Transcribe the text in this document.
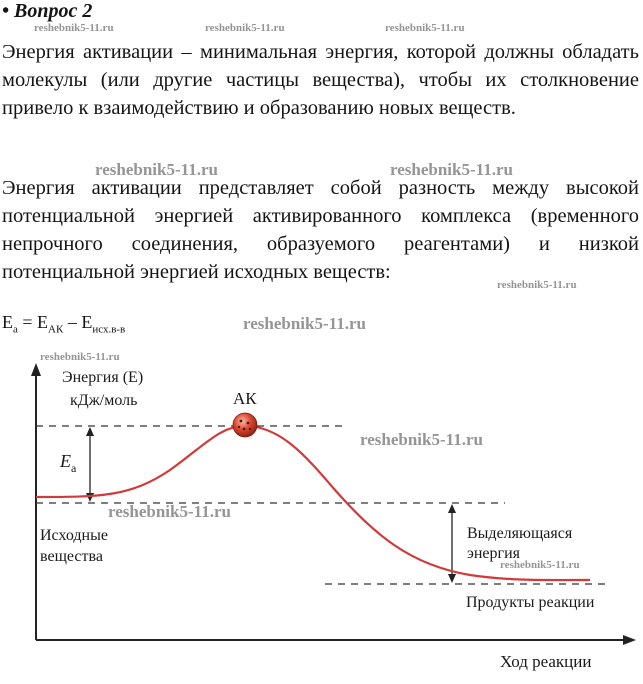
• Вопрос 2
Энергия активации – минимальная энергия, которой должны обладать молекулы (или другие частицы вещества), чтобы их столкновение привело к взаимодействию и образованию новых веществ.
Энергия активации представляет собой разность между высокой потенциальной энергией активированного комплекса (временного непрочного соединения, образуемого реагентами) и низкой потенциальной энергией исходных веществ:
$E_a = E_{АК} - E_{исх.в-в}$
Энергия (E)
кДж/моль	АК
$E_a$
Исходные
вещества
Выделяющаяся
энергия
Продукты реакции
Ход реакции
reshebnik5-11.ru	reshebnik5-11.ru	reshebnik5-11.ru
reshebnik5-11.ru	reshebnik5-11.ru
reshebnik5-11.ru
reshebnik5-11.ru
reshebnik5-11.ru
reshebnik5-11.ru
reshebnik5-11.ru
reshebnik5-11.ru
